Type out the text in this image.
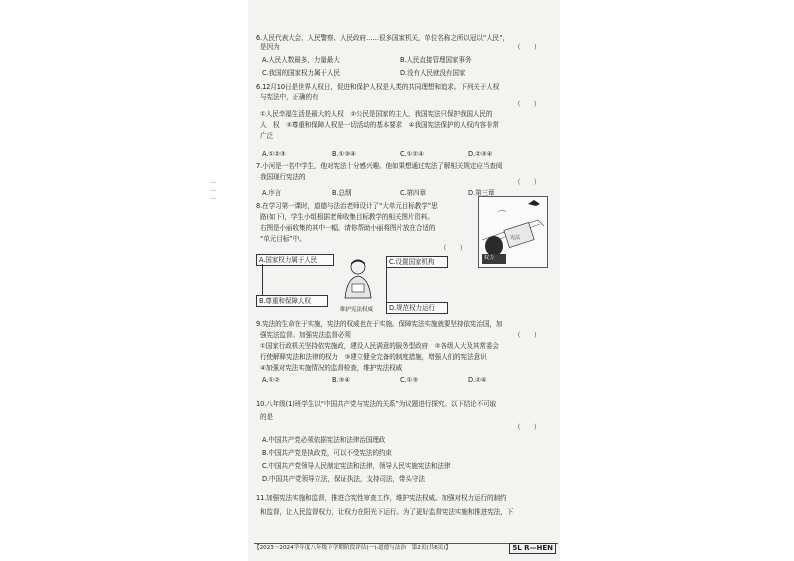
…
…
…
6.人民代表大会、人民警察、人民政府……很多国家机关，单位名称之所以冠以“人民”，
是因为	（　　）
A.人民人数最多，力量最大	B.人民直接管理国家事务
C.我国的国家权力属于人民	D.没有人民就没有国家
6.12月10日是世界人权日，促进和保护人权是人类的共同理想和追求。下列关于人权
与宪法中，正确的有
（　　）
①人民幸福生活是最大的人权　②公民是国家的主人，我国宪法只保护我国人民的
人　权　③尊重和保障人权是一切活动的基本要求　④我国宪法保护的人权内容非常
广泛
A.①②③	B.①③④	C.①②④	D.②③④
7.小河是一名中学生，他对宪法十分感兴趣。他如果想通过宪法了解相关规定应当查阅
我国现行宪法的
（　　）
A.序言	B.总纲	C.第四章	D.第三章
8.在学习第一课时，道德与法治老师设计了“大单元目标教学”思
路(如下)，学生小组根据老师收集目标教学的相关图片资料。
右图是小丽收集的其中一幅，请你帮助小丽将图片放在合适的
“单元目标”中。
（　　）
宪法
权力
A.国家权力属于人民
B.尊重和保障人权
C.设置国家机构
D.规范权力运行
维护宪法权威
9.宪法的生命在于实施，宪法的权威也在于实施。保障宪法实施就要坚持依宪治国，加
强宪法监督。加强宪法监督必须	（　　）
①国家行政机关坚持依宪施政，建设人民满意的服务型政府　②各级人大及其常委会
行使解释宪法和法律的权力　③建立健全完备的制度措施，增强人们的宪法意识
④加强对宪法实施情况的监督检查，维护宪法权威
A.①②	B.③④	C.①③	D.②④
10.八年级(1)班学生以“中国共产党与宪法的关系”为议题进行探究。以下结论不可取
的是
（　　）
A.中国共产党必须依据宪法和法律治国理政
B.中国共产党是执政党，可以不受宪法的约束
C.中国共产党领导人民制定宪法和法律，领导人民实施宪法和法律
D.中国共产党领导立法，保证执法，支持司法，带头守法
11.加强宪法实施和监督，推进合宪性审查工作，维护宪法权威。加强对权力运行的制约
和监督，让人民监督权力，让权力在阳光下运行。为了更好监督宪法实施和推进宪法，下
【2023～2024学年度八年级下学期阶段评估(一)·道德与法治　第2页(共6页)】	5L R—HEN
